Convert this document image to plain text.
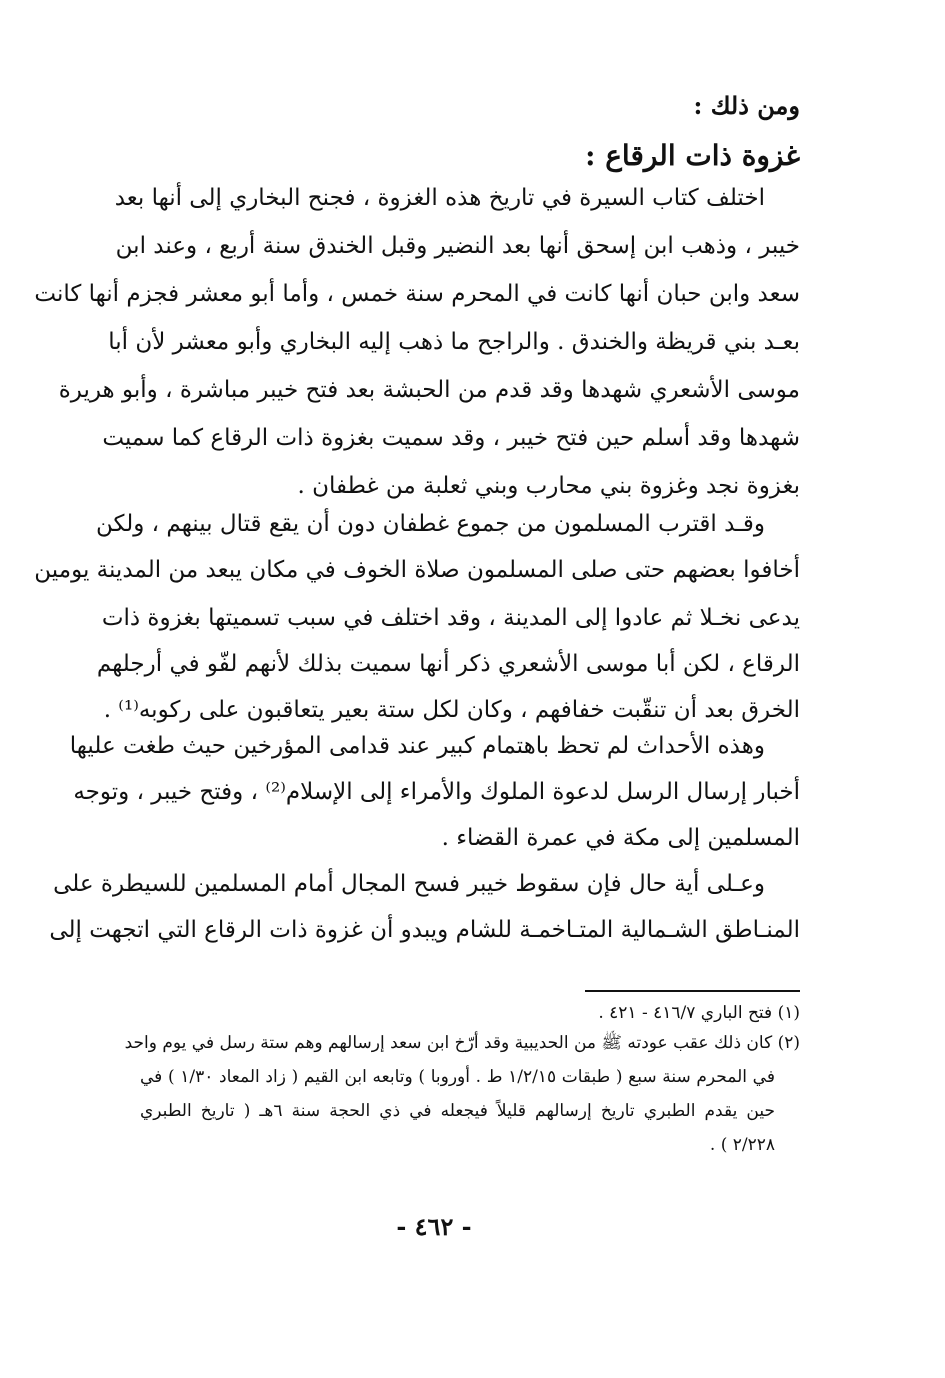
ومن ذلك :
غزوة ذات الرقاع :
اختلف كتاب السيرة في تاريخ هذه الغزوة ، فجنح البخاري إلى أنها بعد
خيبر ، وذهب ابن إسحق أنها بعد النضير وقبل الخندق سنة أربع ، وعند ابن
سعد وابن حبان أنها كانت في المحرم سنة خمس ، وأما أبو معشر فجزم أنها كانت
بعـد بني قريظة والخندق . والراجح ما ذهب إليه البخاري وأبو معشر لأن أبا
موسى الأشعري شهدها وقد قدم من الحبشة بعد فتح خيبر مباشرة ، وأبو هريرة
شهدها وقد أسلم حين فتح خيبر ، وقد سميت بغزوة ذات الرقاع كما سميت
بغزوة نجد وغزوة بني محارب وبني ثعلبة من غطفان .
وقـد اقترب المسلمون من جموع غطفان دون أن يقع قتال بينهم ، ولكن
أخافوا بعضهم حتى صلى المسلمون صلاة الخوف في مكان يبعد من المدينة يومين
يدعى نخـلا ثم عادوا إلى المدينة ، وقد اختلف في سبب تسميتها بغزوة ذات
الرقاع ، لكن أبا موسى الأشعري ذكر أنها سميت بذلك لأنهم لفّو في أرجلهم
الخرق بعد أن تنقّبت خفافهم ، وكان لكل ستة بعير يتعاقبون على ركوبه⁽¹⁾ .
وهذه الأحداث لم تحظ باهتمام كبير عند قدامى المؤرخين حيث طغت عليها
أخبار إرسال الرسل لدعوة الملوك والأمراء إلى الإسلام⁽²⁾ ، وفتح خيبر ، وتوجه
المسلمين إلى مكة في عمرة القضاء .
وعـلى أية حال فإن سقوط خيبر فسح المجال أمام المسلمين للسيطرة على
المنـاطق الشـمالية المتـاخمـة للشام ويبدو أن غزوة ذات الرقاع التي اتجهت إلى
(١) فتح الباري ٤١٦/٧ - ٤٢١ .
(٢) كان ذلك عقب عودته ﷺ من الحديبية وقد أرّخ ابن سعد إرسالهم وهم ستة رسل في يوم واحد
في المحرم سنة سبع ( طبقات ١/٢/١٥ ط . أوروبا ) وتابعه ابن القيم ( زاد المعاد ١/٣٠ ) في
حين يقدم الطبري تاريخ إرسالهم قليلاً فيجعله في ذي الحجة سنة ٦هـ ( تاريخ الطبري
٢/٢٢٨ ) .
- ٤٦٢ -
